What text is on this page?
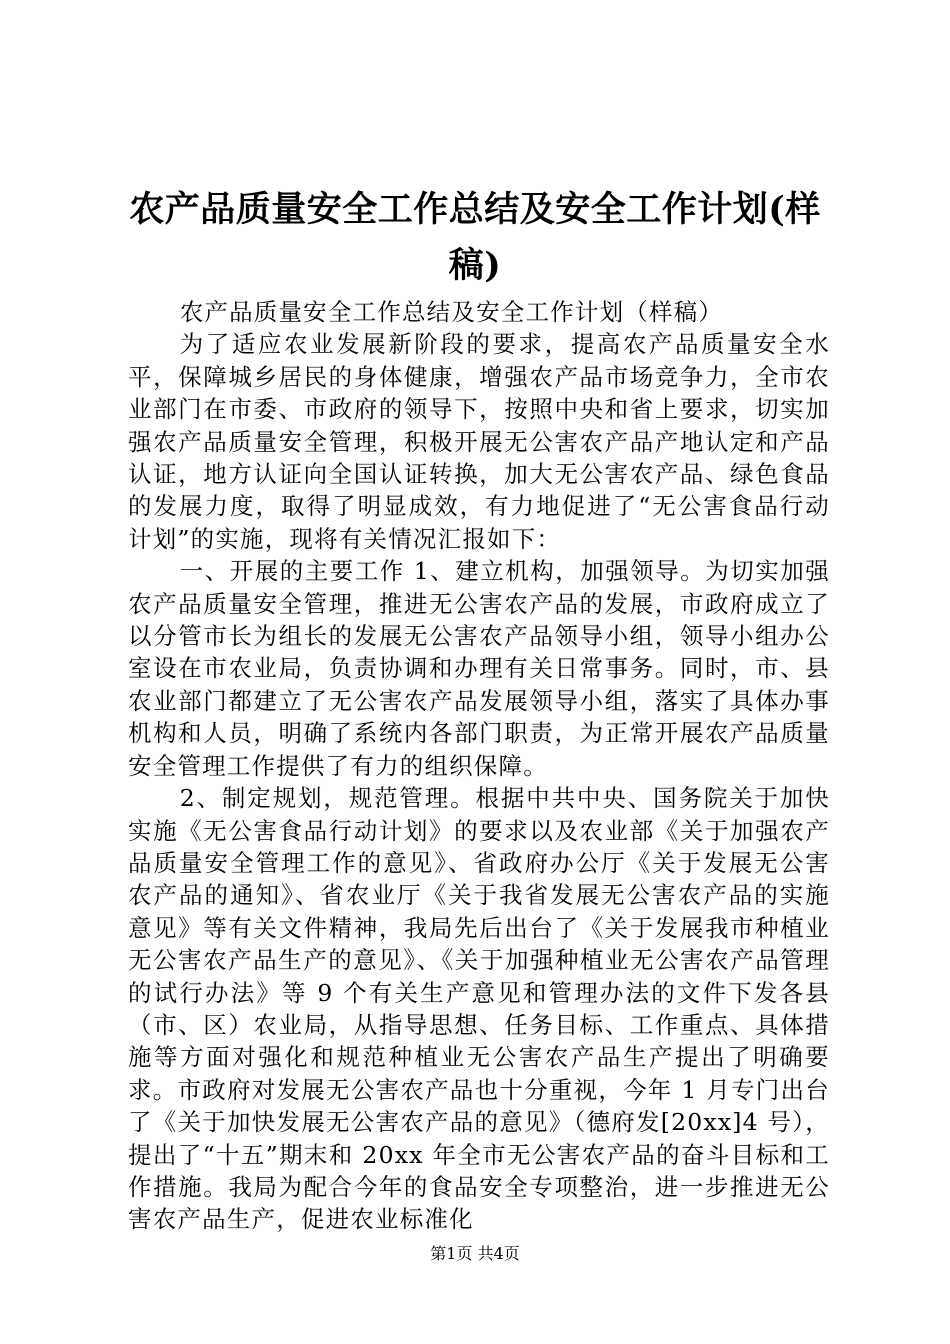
农产品质量安全工作总结及安全工作计划(样稿)

农产品质量安全工作总结及安全工作计划（样稿）

为了适应农业发展新阶段的要求，提高农产品质量安全水平，保障城乡居民的身体健康，增强农产品市场竞争力，全市农业部门在市委、市政府的领导下，按照中央和省上要求，切实加强农产品质量安全管理，积极开展无公害农产品产地认定和产品认证，地方认证向全国认证转换，加大无公害农产品、绿色食品的发展力度，取得了明显成效，有力地促进了“无公害食品行动计划”的实施，现将有关情况汇报如下：

一、开展的主要工作 1、建立机构，加强领导。为切实加强农产品质量安全管理，推进无公害农产品的发展，市政府成立了以分管市长为组长的发展无公害农产品领导小组，领导小组办公室设在市农业局，负责协调和办理有关日常事务。同时，市、县农业部门都建立了无公害农产品发展领导小组，落实了具体办事机构和人员，明确了系统内各部门职责，为正常开展农产品质量安全管理工作提供了有力的组织保障。

2、制定规划，规范管理。根据中共中央、国务院关于加快实施《无公害食品行动计划》的要求以及农业部《关于加强农产品质量安全管理工作的意见》、省政府办公厅《关于发展无公害农产品的通知》、省农业厅《关于我省发展无公害农产品的实施意见》等有关文件精神，我局先后出台了《关于发展我市种植业无公害农产品生产的意见》、《关于加强种植业无公害农产品管理的试行办法》等 9 个有关生产意见和管理办法的文件下发各县（市、区）农业局，从指导思想、任务目标、工作重点、具体措施等方面对强化和规范种植业无公害农产品生产提出了明确要求。市政府对发展无公害农产品也十分重视，今年 1 月专门出台了《关于加快发展无公害农产品的意见》（德府发[20xx]4 号），提出了“十五”期末和 20xx 年全市无公害农产品的奋斗目标和工作措施。我局为配合今年的食品安全专项整治，进一步推进无公害农产品生产，促进农业标准化

第1页 共4页
